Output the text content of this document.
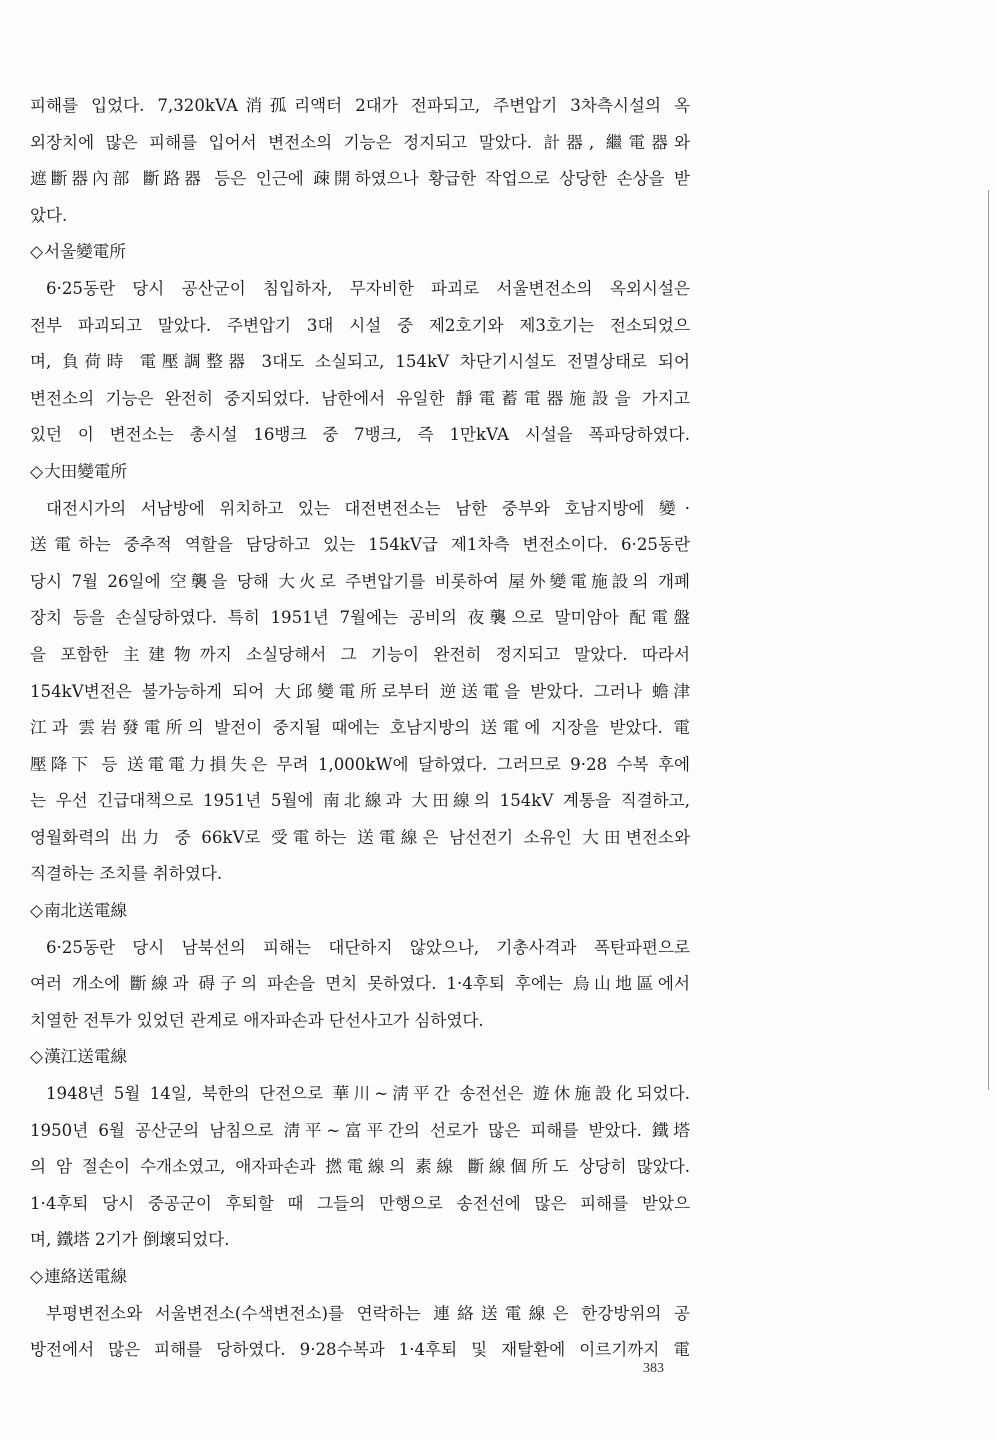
피해를 입었다. 7,320kVA消孤리액터 2대가 전파되고, 주변압기 3차측시설의 옥
외장치에 많은 피해를 입어서 변전소의 기능은 정지되고 말았다. 計器, 繼電器와
遮斷器內部 斷路器 등은 인근에 疎開하였으나 황급한 작업으로 상당한 손상을 받
았다.
◇서울變電所
6·25동란 당시 공산군이 침입하자, 무자비한 파괴로 서울변전소의 옥외시설은
전부 파괴되고 말았다. 주변압기 3대 시설 중 제2호기와 제3호기는 전소되었으
며, 負荷時 電壓調整器 3대도 소실되고, 154kV 차단기시설도 전멸상태로 되어
변전소의 기능은 완전히 중지되었다. 남한에서 유일한 靜電蓄電器施設을 가지고
있던 이 변전소는 총시설 16뱅크 중 7뱅크, 즉 1만kVA 시설을 폭파당하였다.
◇大田變電所
대전시가의 서남방에 위치하고 있는 대전변전소는 남한 중부와 호남지방에 變·
送電하는 중추적 역할을 담당하고 있는 154kV급 제1차측 변전소이다. 6·25동란
당시 7월 26일에 空襲을 당해 大火로 주변압기를 비롯하여 屋外變電施設의 개폐
장치 등을 손실당하였다. 특히 1951년 7월에는 공비의 夜襲으로 말미암아 配電盤
을 포함한 主建物까지 소실당해서 그 기능이 완전히 정지되고 말았다. 따라서
154kV변전은 불가능하게 되어 大邱變電所로부터 逆送電을 받았다. 그러나 蟾津
江과 雲岩發電所의 발전이 중지될 때에는 호남지방의 送電에 지장을 받았다. 電
壓降下 등 送電電力損失은 무려 1,000kW에 달하였다. 그러므로 9·28 수복 후에
는 우선 긴급대책으로 1951년 5월에 南北線과 大田線의 154kV 계통을 직결하고,
영월화력의 出力 중 66kV로 受電하는 送電線은 남선전기 소유인 大田변전소와
직결하는 조치를 취하였다.
◇南北送電線
6·25동란 당시 남북선의 피해는 대단하지 않았으나, 기총사격과 폭탄파편으로
여러 개소에 斷線과 碍子의 파손을 면치 못하였다. 1·4후퇴 후에는 烏山地區에서
치열한 전투가 있었던 관계로 애자파손과 단선사고가 심하였다.
◇漢江送電線
1948년 5월 14일, 북한의 단전으로 華川~淸平간 송전선은 遊休施設化되었다.
1950년 6월 공산군의 남침으로 淸平~富平간의 선로가 많은 피해를 받았다. 鐵塔
의 암 절손이 수개소였고, 애자파손과 撚電線의 素線 斷線個所도 상당히 많았다.
1·4후퇴 당시 중공군이 후퇴할 때 그들의 만행으로 송전선에 많은 피해를 받았으
며, 鐵塔 2기가 倒壞되었다.
◇連絡送電線
부평변전소와 서울변전소(수색변전소)를 연락하는 連絡送電線은 한강방위의 공
방전에서 많은 피해를 당하였다. 9·28수복과 1·4후퇴 및 재탈환에 이르기까지 電
383
